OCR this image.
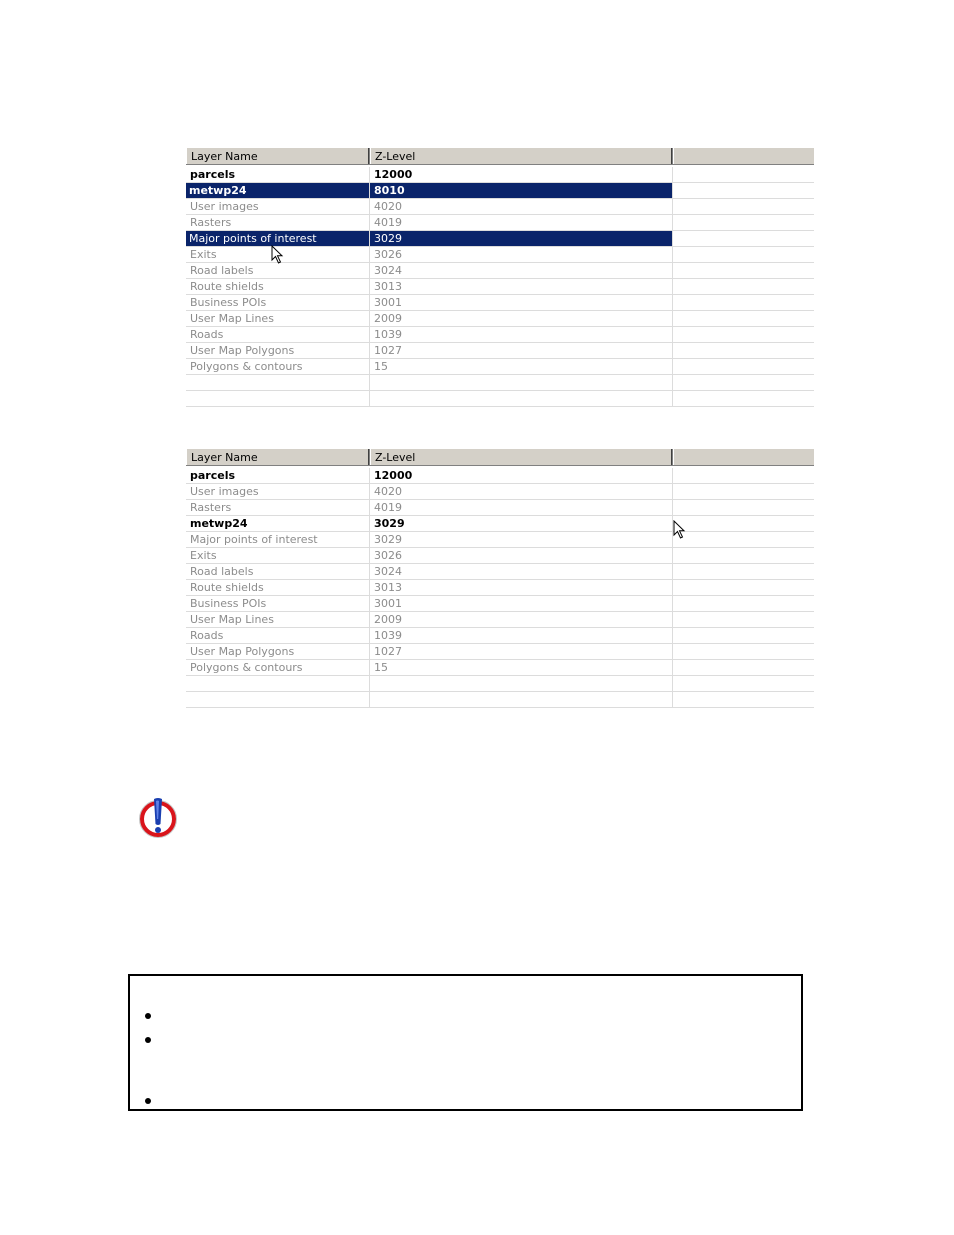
Layer Name	Z-Level
parcels	12000
metwp24	8010
User images	4020
Rasters	4019
Major points of interest	3029
Exits	3026
Road labels	3024
Route shields	3013
Business POIs	3001
User Map Lines	2009
Roads	1039
User Map Polygons	1027
Polygons & contours	15
Layer Name	Z-Level
parcels	12000
User images	4020
Rasters	4019
metwp24	3029
Major points of interest	3029
Exits	3026
Road labels	3024
Route shields	3013
Business POIs	3001
User Map Lines	2009
Roads	1039
User Map Polygons	1027
Polygons & contours	15
